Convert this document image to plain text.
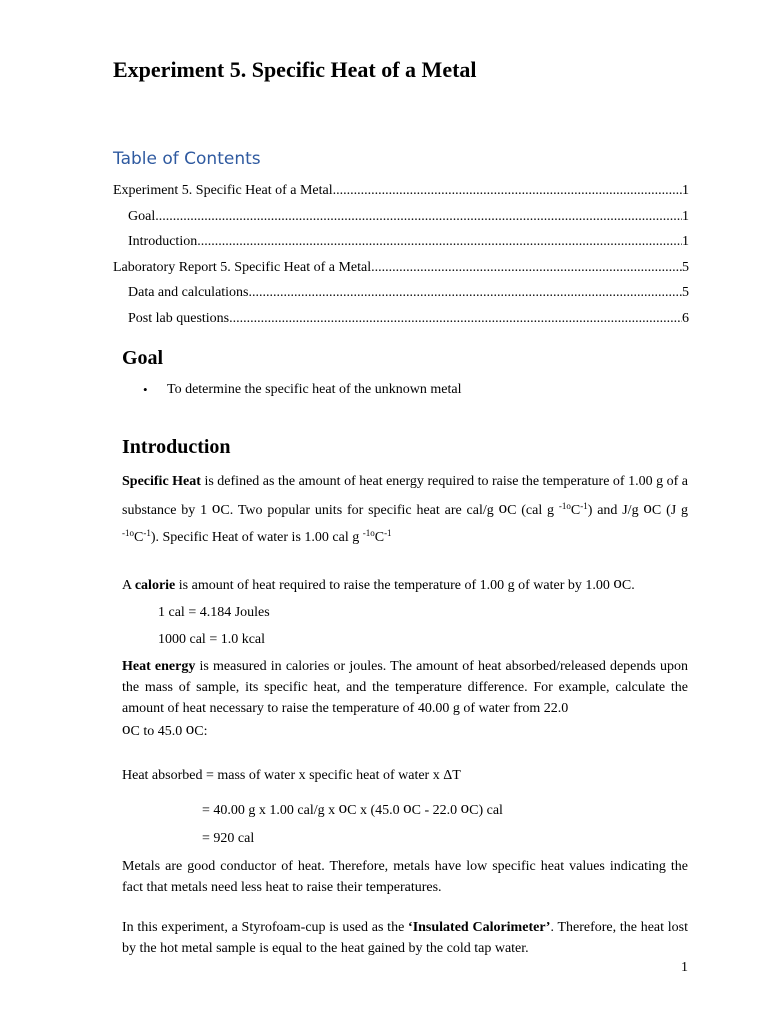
Experiment 5. Specific Heat of a Metal
Table of Contents
Experiment 5. Specific Heat of a Metal .....	1
Goal .....	1
Introduction .....	1
Laboratory Report 5. Specific Heat of a Metal .....	5
Data and calculations .....	5
Post lab questions .....	6
Goal
•	To determine the specific heat of the unknown metal
Introduction

Specific Heat is defined as the amount of heat energy required to raise the temperature of 1.00 g of a substance by 1 oC. Two popular units for specific heat are cal/g oC (cal g $^{-1o}C^{-1}$) and J/g oC (J g $^{-1o}C^{-1}$). Specific Heat of water is 1.00 cal g $^{-1o}C^{-1}$

A calorie is amount of heat required to raise the temperature of 1.00 g of water by 1.00 oC.

1 cal = 4.184 Joules
1000 cal = 1.0 kcal

Heat energy is measured in calories or joules. The amount of heat absorbed/released depends upon the mass of sample, its specific heat, and the temperature difference. For example, calculate the amount of heat necessary to raise the temperature of 40.00 g of water from 22.0
oC to 45.0 oC:

Heat absorbed = mass of water x specific heat of water x ΔT
= 40.00 g x 1.00 cal/g x oC x (45.0 oC - 22.0 oC) cal
= 920 cal

Metals are good conductor of heat. Therefore, metals have low specific heat values indicating the fact that metals need less heat to raise their temperatures.

In this experiment, a Styrofoam-cup is used as the ‘Insulated Calorimeter’. Therefore, the heat lost by the hot metal sample is equal to the heat gained by the cold tap water.

1
